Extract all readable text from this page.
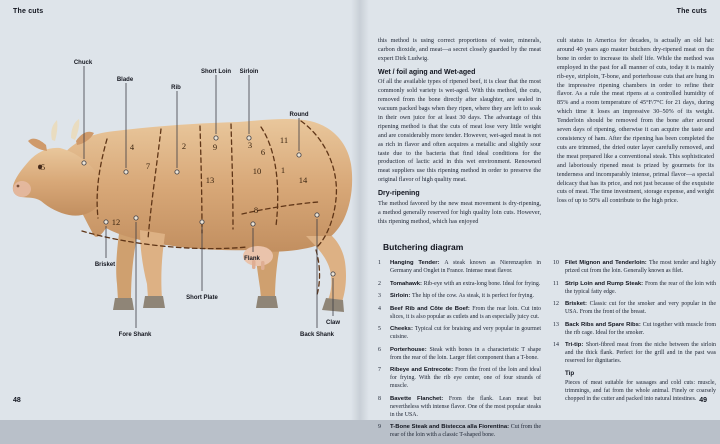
The cuts	The cuts
Chuck
Blade
Rib
Short Loin Sirloin
Round
Brisket
Fore Shank
Short Plate
Flank
Back Shank
Claw
1
2	3
4
5
6
7
8
9
10
11
12
13	14

this method is using correct proportions of water, minerals, carbon dioxide, and meat—a secret closely guarded by the meat expert Dirk Ludwig.

Wet / foil aging and Wet-aged

Of all the available types of ripened beef, it is clear that the most commonly sold variety is wet-aged. With this method, the cuts, removed from the bone directly after slaughter, are sealed in vacuum packed bags when they ripen, where they are left to soak in their own juice for at least 30 days. The advantage of this ripening method is that the cuts of meat lose very little weight and are considerably more tender. However, wet-aged meat is not as rich in flavor and often acquires a metallic and slightly sour taste due to the bacteria that find ideal conditions for the production of lactic acid in this wet environment. Renowned meat suppliers use this ripening method in order to preserve the original flavor of high quality meat.

Dry-ripening

The method favored by the new meat movement is dry-ripening, a method generally reserved for high quality loin cuts. However, this ripening method, which has enjoyed

cult status in America for decades, is actually an old hat: around 40 years ago master butchers dry-ripened meat on the bone in order to increase its shelf life. While the method was employed in the past for all manner of cuts, today it is mainly rib-eye, striploin, T-bone, and porterhouse cuts that are hung in the impressive ripening chambers in order to refine their flavor. As a rule the meat ripens at a controlled humidity of 85% and a room temperature of 45°F/7°C for 21 days, during which time it loses an impressive 30–50% of its weight. Tenderloin should be removed from the bone after around seven days of ripening, otherwise it can acquire the taste and consistency of ham. After the ripening has been completed the cuts are trimmed, the dried outer layer carefully removed, and the meat prepared like a conventional steak. This sophisticated and laboriously ripened meat is prized by gourmets for its tenderness and incomparably intense, primal flavor—a special delicacy that has its price, and not just because of the exquisite cuts of meat. The time investment, storage expense, and weight loss of up to 50% all contribute to the high price.

Butchering diagram
1	Hanging Tender: A steak known as Nierenzapfen in Germany and Onglet in France. Intense meat flavor.
2	Tomahawk: Rib-eye with an extra-long bone. Ideal for frying.
3	Sirloin: The hip of the cow. As steak, it is perfect for frying.
4	Beef Rib and Côte de Boef: From the rear loin. Cut into slices, it is also popular as cutlets and is an especially juicy cut.
5	Cheeks: Typical cut for braising and very popular in gourmet cuisine.
6	Porterhouse: Steak with bones in a characteristic T shape from the rear of the loin. Larger filet component than a T-bone.
7	Ribeye and Entrecote: From the front of the loin and ideal for frying. With the rib eye center, one of four strands of muscle.
8	Bavette Flanchet: From the flank. Lean meat but nevertheless with intense flavor. One of the most popular steaks in the USA.
9	T-Bone Steak and Bistecca alla Fiorentina: Cut from the rear of the loin with a classic T-shaped bone.
10	Filet Mignon and Tenderloin: The most tender and highly prized cut from the loin. Generally known as filet.
11	Strip Loin and Rump Steak: From the rear of the loin with the typical fatty edge.
12	Brisket: Classic cut for the smoker and very popular in the USA. From the front of the breast.
13	Back Ribs and Spare Ribs: Cut together with muscle from the rib cage. Ideal for the smoker.
14	Tri-tip: Short-fibred meat from the niche between the sirloin and the thick flank. Perfect for the grill and in the past was reserved for dignitaries.
Tip
Pieces of meat suitable for sausages and cold cuts: muscle, trimmings, and fat from the whole animal. Finely or coarsely chopped in the cutter and packed into natural intestines.
48	49
